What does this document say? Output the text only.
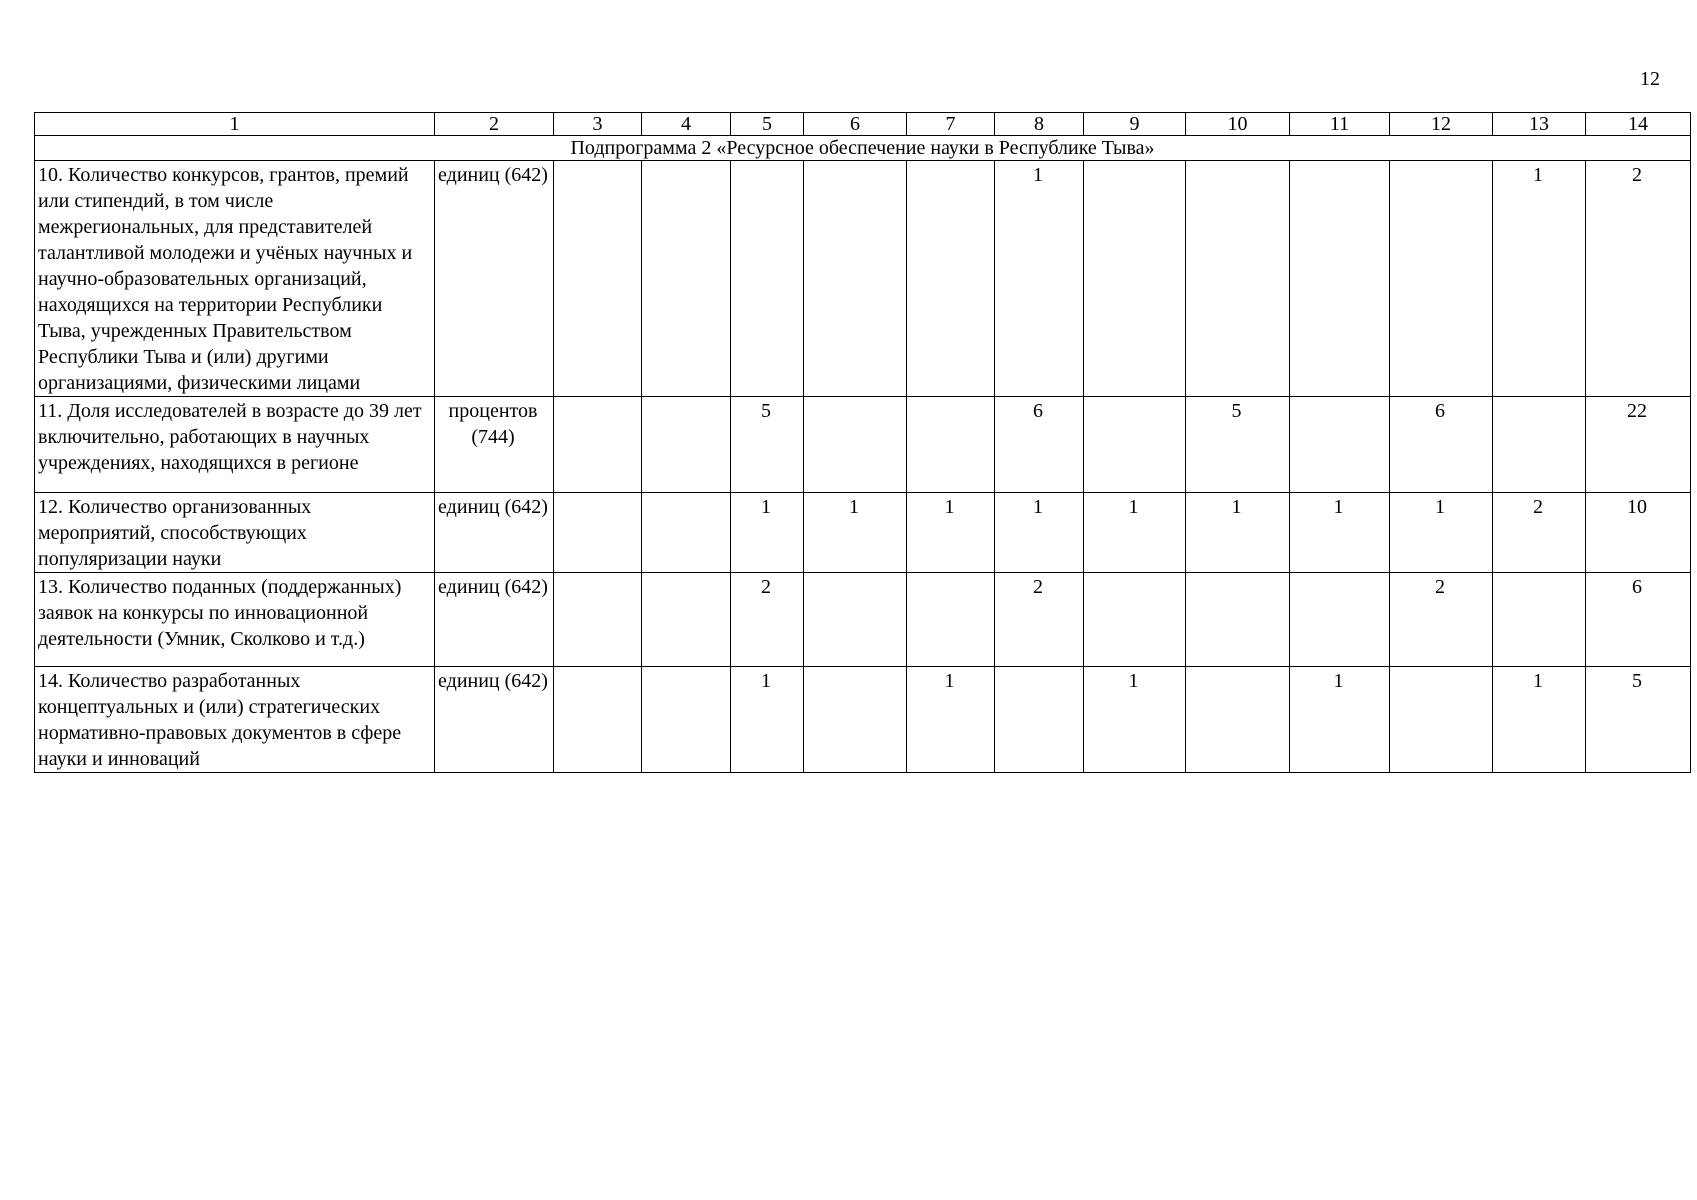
12
1	2	3	4	5	6	7	8	9	10	11	12	13	14
Подпрограмма 2 «Ресурсное обеспечение науки в Республике Тыва»													
10. Количество конкурсов, грантов, премий или стипендий, в том числе межрегиональных, для представителей талантливой молодежи и учёных научных и научно-образовательных организаций, находящихся на территории Республики Тыва, учрежденных Правительством Республики Тыва и (или) другими организациями, физическими лицами	единиц (642)						1					1	2
11. Доля исследователей в возрасте до 39 лет включительно, работающих в научных учреждениях, находящихся в регионе	процентов (744)			5			6		5		6		22
12. Количество организованных мероприятий, способствующих популяризации науки	единиц (642)			1	1	1	1	1	1	1	1	2	10
13. Количество поданных (поддержанных) заявок на конкурсы по инновационной деятельности (Умник, Сколково и т.д.)	единиц (642)			2			2				2		6
14. Количество разработанных концептуальных и (или) стратегических нормативно-правовых документов в сфере науки и инноваций	единиц (642)			1		1		1		1		1	5
